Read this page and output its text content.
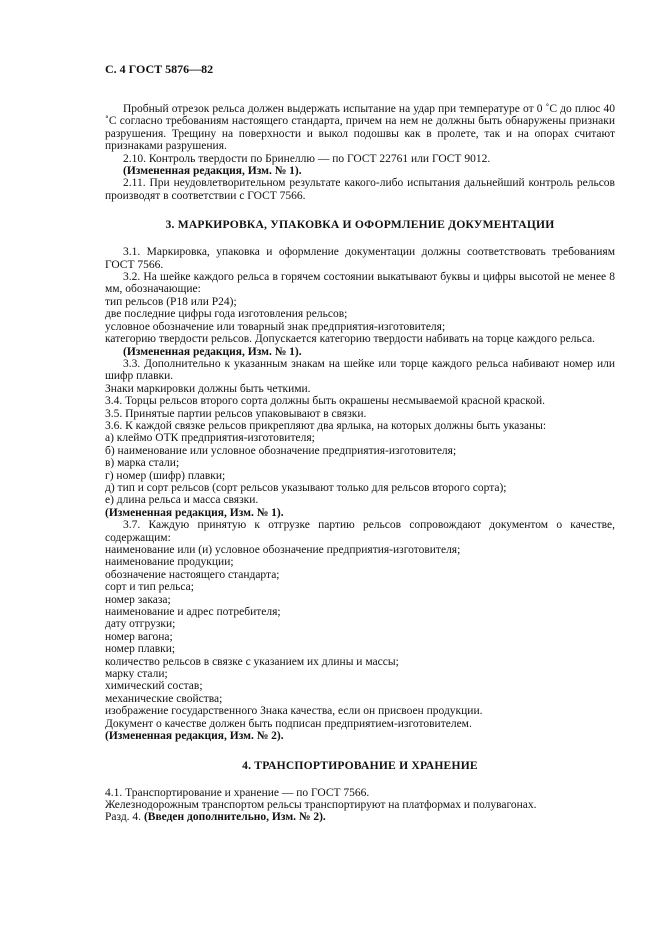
С. 4 ГОСТ 5876—82
Пробный отрезок рельса должен выдержать испытание на удар при температуре от 0 ˚С до плюс 40 ˚С согласно требованиям настоящего стандарта, причем на нем не должны быть обнаружены признаки разрушения. Трещину на поверхности и выкол подошвы как в пролете, так и на опорах считают признаками разрушения.
2.10. Контроль твердости по Бринеллю — по ГОСТ 22761 или ГОСТ 9012.
(Измененная редакция, Изм. № 1).
2.11. При неудовлетворительном результате какого-либо испытания дальнейший контроль рельсов производят в соответствии с ГОСТ 7566.
3. МАРКИРОВКА, УПАКОВКА И ОФОРМЛЕНИЕ ДОКУМЕНТАЦИИ
3.1. Маркировка, упаковка и оформление документации должны соответствовать требованиям ГОСТ 7566.
3.2. На шейке каждого рельса в горячем состоянии выкатывают буквы и цифры высотой не менее 8 мм, обозначающие:
тип рельсов (Р18 или Р24);
две последние цифры года изготовления рельсов;
условное обозначение или товарный знак предприятия-изготовителя;
категорию твердости рельсов. Допускается категорию твердости набивать на торце каждого рельса.
(Измененная редакция, Изм. № 1).
3.3. Дополнительно к указанным знакам на шейке или торце каждого рельса набивают номер или шифр плавки.
Знаки маркировки должны быть четкими.
3.4. Торцы рельсов второго сорта должны быть окрашены несмываемой красной краской.
3.5. Принятые партии рельсов упаковывают в связки.
3.6. К каждой связке рельсов прикрепляют два ярлыка, на которых должны быть указаны:
а) клеймо ОТК предприятия-изготовителя;
б) наименование или условное обозначение предприятия-изготовителя;
в) марка стали;
г) номер (шифр) плавки;
д) тип и сорт рельсов (сорт рельсов указывают только для рельсов второго сорта);
е) длина рельса и масса связки.
(Измененная редакция, Изм. № 1).
3.7. Каждую принятую к отгрузке партию рельсов сопровождают документом о качестве, содержащим:
наименование или (и) условное обозначение предприятия-изготовителя;
наименование продукции;
обозначение настоящего стандарта;
сорт и тип рельса;
номер заказа;
наименование и адрес потребителя;
дату отгрузки;
номер вагона;
номер плавки;
количество рельсов в связке с указанием их длины и массы;
марку стали;
химический состав;
механические свойства;
изображение государственного Знака качества, если он присвоен продукции.
Документ о качестве должен быть подписан предприятием-изготовителем.
(Измененная редакция, Изм. № 2).
4. ТРАНСПОРТИРОВАНИЕ И ХРАНЕНИЕ
4.1. Транспортирование и хранение — по ГОСТ 7566.
Железнодорожным транспортом рельсы транспортируют на платформах и полувагонах.
Разд. 4. (Введен дополнительно, Изм. № 2).
